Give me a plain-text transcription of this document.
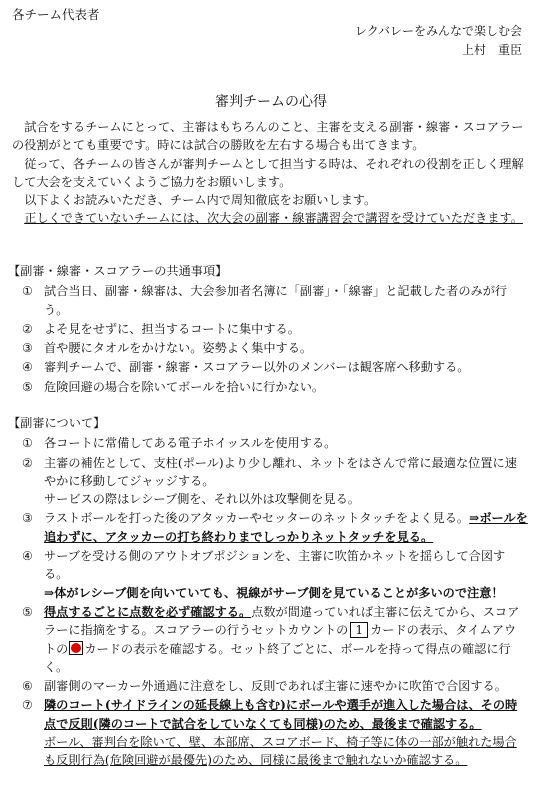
各チーム代表者
レクバレーをみんなで楽しむ会
上村　重臣
審判チームの心得

試合をするチームにとって、主審はもちろんのこと、主審を支える副審・線審・スコアラーの役割がとても重要です。時には試合の勝敗を左右する場合も出てきます。

従って、各チームの皆さんが審判チームとして担当する時は、それぞれの役割を正しく理解して大会を支えていくようご協力をお願いします。

以下よくお読みいただき、チーム内で周知徹底をお願いします。

正しくできていないチームには、次大会の副審・線審講習会で講習を受けていただきます。

【副審・線審・スコアラーの共通事項】
① 試合当日、副審・線審は、大会参加者名簿に「副審」・「線審」と記載した者のみが行う。
② よそ見をせずに、担当するコートに集中する。
③ 首や腰にタオルをかけない。姿勢よく集中する。
④ 審判チームで、副審・線審・スコアラー以外のメンバーは観客席へ移動する。
⑤ 危険回避の場合を除いてボールを拾いに行かない。
【副審について】
① 各コートに常備してある電子ホイッスルを使用する。
② 主審の補佐として、支柱(ポール)より少し離れ、ネットをはさんで常に最適な位置に速やかに移動してジャッジする。
サービスの際はレシーブ側を、それ以外は攻撃側を見る。
③ ラストボールを打った後のアタッカーやセッターのネットタッチをよく見る。⇒ボールを追わずに、アタッカーの打ち終わりまでしっかりネットタッチを見る。
④ サーブを受ける側のアウトオブポジションを、主審に吹笛かネットを揺らして合図する。
⇒体がレシーブ側を向いていても、視線がサーブ側を見ていることが多いので注意！
⑤ 得点するごとに点数を必ず確認する。点数が間違っていれば主審に伝えてから、スコアラーに指摘をする。スコアラーの行うセットカウントの 1 カードの表示、タイムアウトの カードの表示を確認する。セット終了ごとに、ボールを持って得点の確認に行く。
⑥ 副審側のマーカー外通過に注意をし、反則であれば主審に速やかに吹笛で合図する。
⑦ 隣のコート(サイドラインの延長線上も含む)にボールや選手が進入した場合は、その時点で反則(隣のコートで試合をしていなくても同様)のため、最後まで確認する。
ボール、審判台を除いて、壁、本部席、スコアボード、椅子等に体の一部が触れた場合も反則行為(危険回避が最優先)のため、同様に最後まで触れないか確認する。
